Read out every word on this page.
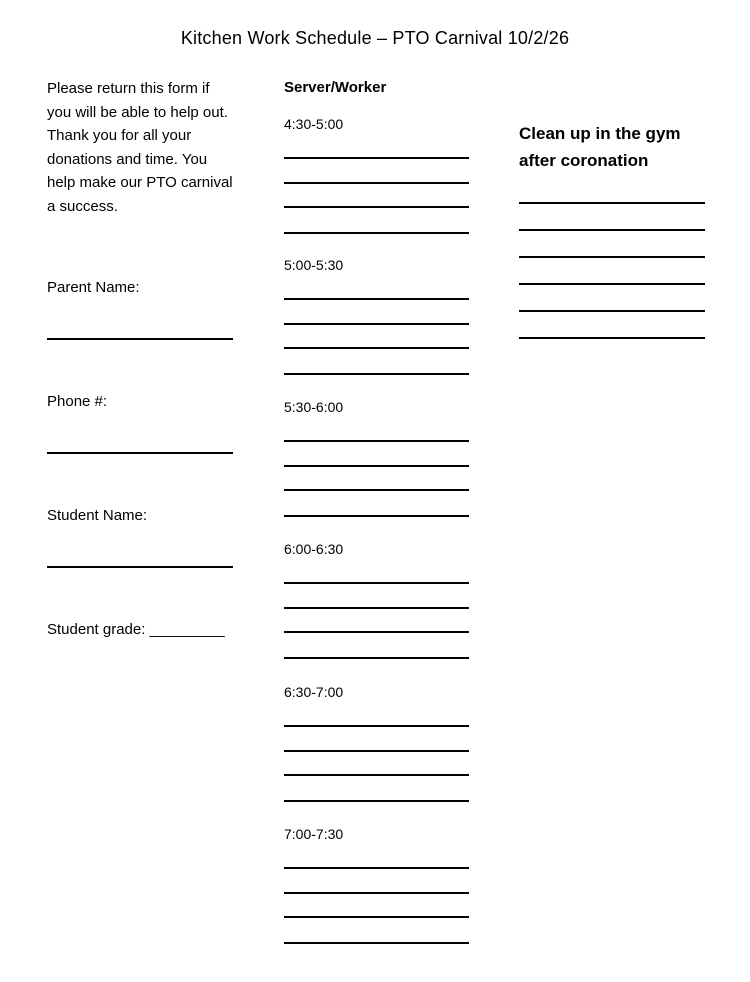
Kitchen Work Schedule – PTO Carnival 10/2/26
Please return this form if you will be able to help out. Thank you for all your donations and time. You help make our PTO carnival a success.
Parent Name:
Phone #:
Student Name:
Student grade: _________
Server/Worker
4:30-5:00
5:00-5:30
5:30-6:00
6:00-6:30
6:30-7:00
7:00-7:30
Clean up in the gym after coronation
